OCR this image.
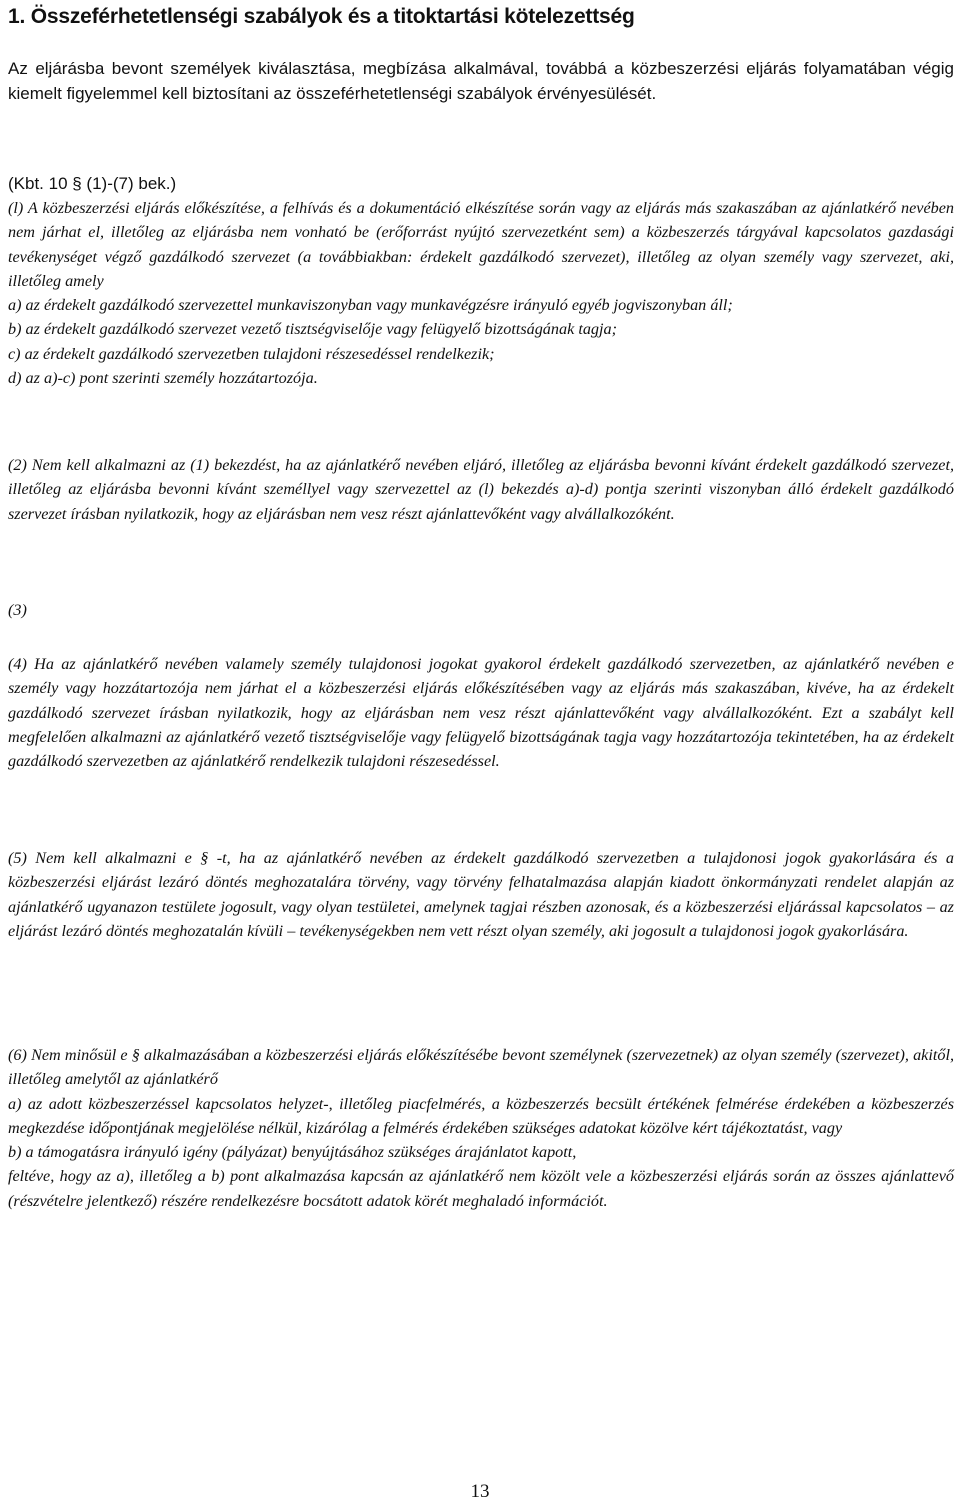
1. Összeférhetetlenségi szabályok és a titoktartási kötelezettség

Az eljárásba bevont személyek kiválasztása, megbízása alkalmával, továbbá a közbeszerzési eljárás folyamatában végig kiemelt figyelemmel kell biztosítani az összeférhetetlenségi szabályok érvényesülését.

(Kbt. 10 § (1)-(7) bek.)

(l) A közbeszerzési eljárás előkészítése, a felhívás és a dokumentáció elkészítése során vagy az eljárás más szakaszában az ajánlatkérő nevében nem járhat el, illetőleg az eljárásba nem vonható be (erőforrást nyújtó szervezetként sem) a közbeszerzés tárgyával kapcsolatos gazdasági tevékenységet végző gazdálkodó szervezet (a továbbiakban: érdekelt gazdálkodó szervezet), illetőleg az olyan személy vagy szervezet, aki, illetőleg amely

a) az érdekelt gazdálkodó szervezettel munkaviszonyban vagy munkavégzésre irányuló egyéb jogviszonyban áll;

b) az érdekelt gazdálkodó szervezet vezető tisztségviselője vagy felügyelő bizottságának tagja;

c) az érdekelt gazdálkodó szervezetben tulajdoni részesedéssel rendelkezik;

d) az a)-c) pont szerinti személy hozzátartozója.

(2) Nem kell alkalmazni az (1) bekezdést, ha az ajánlatkérő nevében eljáró, illetőleg az eljárásba bevonni kívánt érdekelt gazdálkodó szervezet, illetőleg az eljárásba bevonni kívánt személlyel vagy szervezettel az (l) bekezdés a)-d) pontja szerinti viszonyban álló érdekelt gazdálkodó szervezet írásban nyilatkozik, hogy az eljárásban nem vesz részt ajánlattevőként vagy alvállalkozóként.

(3)

(4) Ha az ajánlatkérő nevében valamely személy tulajdonosi jogokat gyakorol érdekelt gazdálkodó szervezetben, az ajánlatkérő nevében e személy vagy hozzátartozója nem járhat el a közbeszerzési eljárás előkészítésében vagy az eljárás más szakaszában, kivéve, ha az érdekelt gazdálkodó szervezet írásban nyilatkozik, hogy az eljárásban nem vesz részt ajánlattevőként vagy alvállalkozóként. Ezt a szabályt kell megfelelően alkalmazni az ajánlatkérő vezető tisztségviselője vagy felügyelő bizottságának tagja vagy hozzátartozója tekintetében, ha az érdekelt gazdálkodó szervezetben az ajánlatkérő rendelkezik tulajdoni részesedéssel.

(5) Nem kell alkalmazni e § -t, ha az ajánlatkérő nevében az érdekelt gazdálkodó szervezetben a tulajdonosi jogok gyakorlására és a közbeszerzési eljárást lezáró döntés meghozatalára törvény, vagy törvény felhatalmazása alapján kiadott önkormányzati rendelet alapján az ajánlatkérő ugyanazon testülete jogosult, vagy olyan testületei, amelynek tagjai részben azonosak, és a közbeszerzési eljárással kapcsolatos – az eljárást lezáró döntés meghozatalán kívüli – tevékenységekben nem vett részt olyan személy, aki jogosult a tulajdonosi jogok gyakorlására.

(6) Nem minősül e § alkalmazásában a közbeszerzési eljárás előkészítésébe bevont személynek (szervezetnek) az olyan személy (szervezet), akitől, illetőleg amelytől az ajánlatkérő

a) az adott közbeszerzéssel kapcsolatos helyzet-, illetőleg piacfelmérés, a közbeszerzés becsült értékének felmérése érdekében a közbeszerzés megkezdése időpontjának megjelölése nélkül, kizárólag a felmérés érdekében szükséges adatokat közölve kért tájékoztatást, vagy

b) a támogatásra irányuló igény (pályázat) benyújtásához szükséges árajánlatot kapott,

feltéve, hogy az a), illetőleg a b) pont alkalmazása kapcsán az ajánlatkérő nem közölt vele a közbeszerzési eljárás során az összes ajánlattevő (részvételre jelentkező) részére rendelkezésre bocsátott adatok körét meghaladó információt.

13
